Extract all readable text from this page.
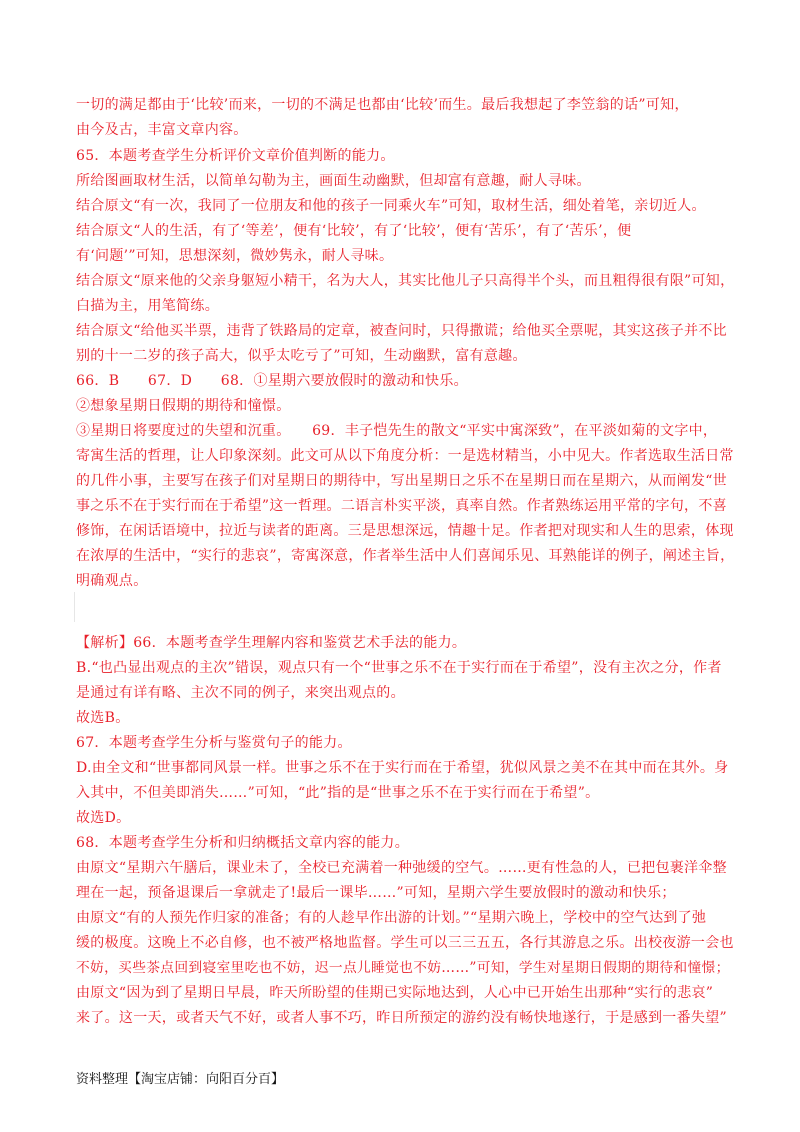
一切的满足都由于‘比较’而来，一切的不满足也都由‘比较’而生。最后我想起了李笠翁的话”可知，
由今及古，丰富文章内容。
65．本题考查学生分析评价文章价值判断的能力。
所给图画取材生活，以简单勾勒为主，画面生动幽默，但却富有意趣，耐人寻味。
结合原文“有一次，我同了一位朋友和他的孩子一同乘火车”可知，取材生活，细处着笔，亲切近人。
结合原文“人的生活，有了‘等差’，便有‘比较’，有了‘比较’，便有‘苦乐’，有了‘苦乐’，便
有‘问题’”可知，思想深刻，微妙隽永，耐人寻味。
结合原文“原来他的父亲身躯短小精干，名为大人，其实比他儿子只高得半个头，而且粗得很有限”可知，
白描为主，用笔简练。
结合原文“给他买半票，违背了铁路局的定章，被查问时，只得撒谎；给他买全票呢，其实这孩子并不比
别的十一二岁的孩子高大，似乎太吃亏了”可知，生动幽默，富有意趣。
66．B　　67．D　　68．①星期六要放假时的激动和快乐。
②想象星期日假期的期待和憧憬。
③星期日将要度过的失望和沉重。　　69．丰子恺先生的散文“平实中寓深致”，在平淡如菊的文字中，
寄寓生活的哲理，让人印象深刻。此文可从以下角度分析：一是选材精当，小中见大。作者选取生活日常
的几件小事，主要写在孩子们对星期日的期待中，写出星期日之乐不在星期日而在星期六，从而阐发“世
事之乐不在于实行而在于希望”这一哲理。二语言朴实平淡，真率自然。作者熟练运用平常的字句，不喜
修饰，在闲话语境中，拉近与读者的距离。三是思想深远，情趣十足。作者把对现实和人生的思索，体现
在浓厚的生活中，“实行的悲哀”，寄寓深意，作者举生活中人们喜闻乐见、耳熟能详的例子，阐述主旨，
明确观点。
【解析】66．本题考查学生理解内容和鉴赏艺术手法的能力。
B.“也凸显出观点的主次”错误，观点只有一个“世事之乐不在于实行而在于希望”，没有主次之分，作者
是通过有详有略、主次不同的例子，来突出观点的。
故选B。
67．本题考查学生分析与鉴赏句子的能力。
D.由全文和“世事都同风景一样。世事之乐不在于实行而在于希望，犹似风景之美不在其中而在其外。身
入其中，不但美即消失……”可知，“此”指的是“世事之乐不在于实行而在于希望”。
故选D。
68．本题考查学生分析和归纳概括文章内容的能力。
由原文“星期六午膳后，课业未了，全校已充满着一种弛缓的空气。……更有性急的人，已把包裹洋伞整
理在一起，预备退课后一拿就走了!最后一课毕……”可知，星期六学生要放假时的激动和快乐；
由原文“有的人预先作归家的准备；有的人趁早作出游的计划。”“星期六晚上，学校中的空气达到了弛
缓的极度。这晚上不必自修，也不被严格地监督。学生可以三三五五，各行其游息之乐。出校夜游一会也
不妨，买些茶点回到寝室里吃也不妨，迟一点儿睡觉也不妨……”可知，学生对星期日假期的期待和憧憬；
由原文“因为到了星期日早晨，昨天所盼望的佳期已实际地达到，人心中已开始生出那种“实行的悲哀”
来了。这一天，或者天气不好，或者人事不巧，昨日所预定的游约没有畅快地遂行，于是感到一番失望”
资料整理【淘宝店铺：向阳百分百】
